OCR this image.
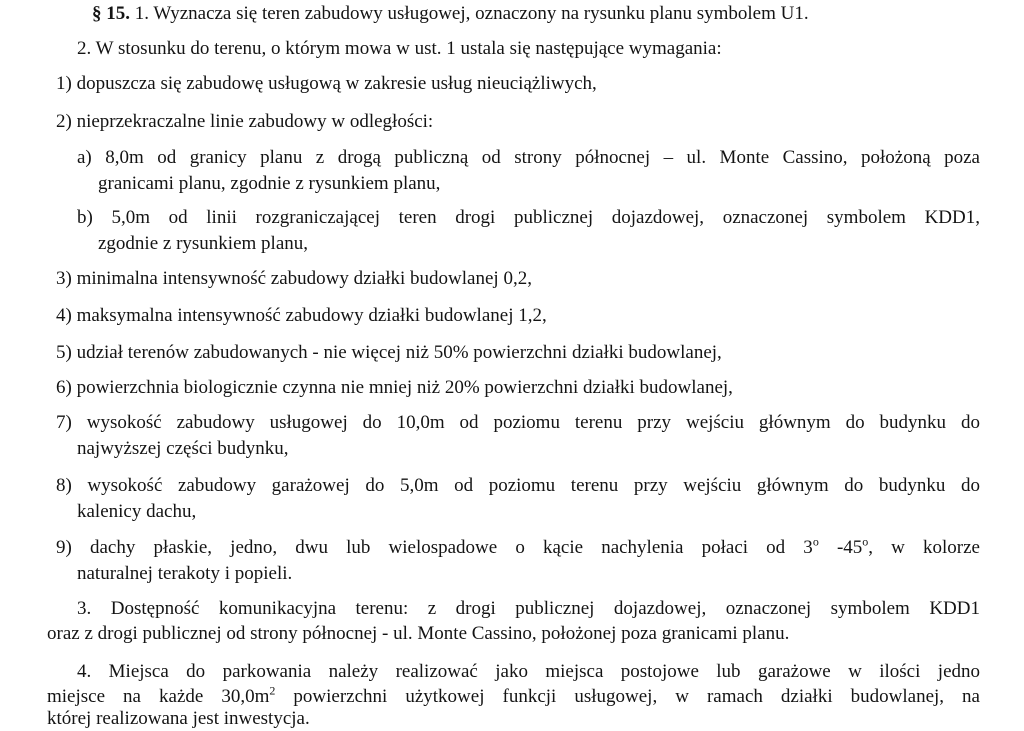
§ 15. 1. Wyznacza się teren zabudowy usługowej, oznaczony na rysunku planu symbolem U1.

2. W stosunku do terenu, o którym mowa w ust. 1 ustala się następujące wymagania:

1) dopuszcza się zabudowę usługową w zakresie usług nieuciążliwych,

2) nieprzekraczalne linie zabudowy w odległości:

a) 8,0m od granicy planu z drogą publiczną od strony północnej – ul. Monte Cassino, położoną poza

granicami planu, zgodnie z rysunkiem planu,

b) 5,0m od linii rozgraniczającej teren drogi publicznej dojazdowej, oznaczonej symbolem KDD1,

zgodnie z rysunkiem planu,

3) minimalna intensywność zabudowy działki budowlanej 0,2,

4) maksymalna intensywność zabudowy działki budowlanej 1,2,

5) udział terenów zabudowanych - nie więcej niż 50% powierzchni działki budowlanej,

6) powierzchnia biologicznie czynna nie mniej niż 20% powierzchni działki budowlanej,

7) wysokość zabudowy usługowej do 10,0m od poziomu terenu przy wejściu głównym do budynku do

najwyższej części budynku,

8) wysokość zabudowy garażowej do 5,0m od poziomu terenu przy wejściu głównym do budynku do

kalenicy dachu,

9) dachy płaskie, jedno, dwu lub wielospadowe o kącie nachylenia połaci od 3$^o$ -45$^o$, w kolorze

naturalnej terakoty i popieli.

3. Dostępność komunikacyjna terenu: z drogi publicznej dojazdowej, oznaczonej symbolem KDD1

oraz z drogi publicznej od strony północnej - ul. Monte Cassino, położonej poza granicami planu.

4. Miejsca do parkowania należy realizować jako miejsca postojowe lub garażowe w ilości jedno

miejsce na każde $30,0m^2$ powierzchni użytkowej funkcji usługowej, w ramach działki budowlanej, na

której realizowana jest inwestycja.
